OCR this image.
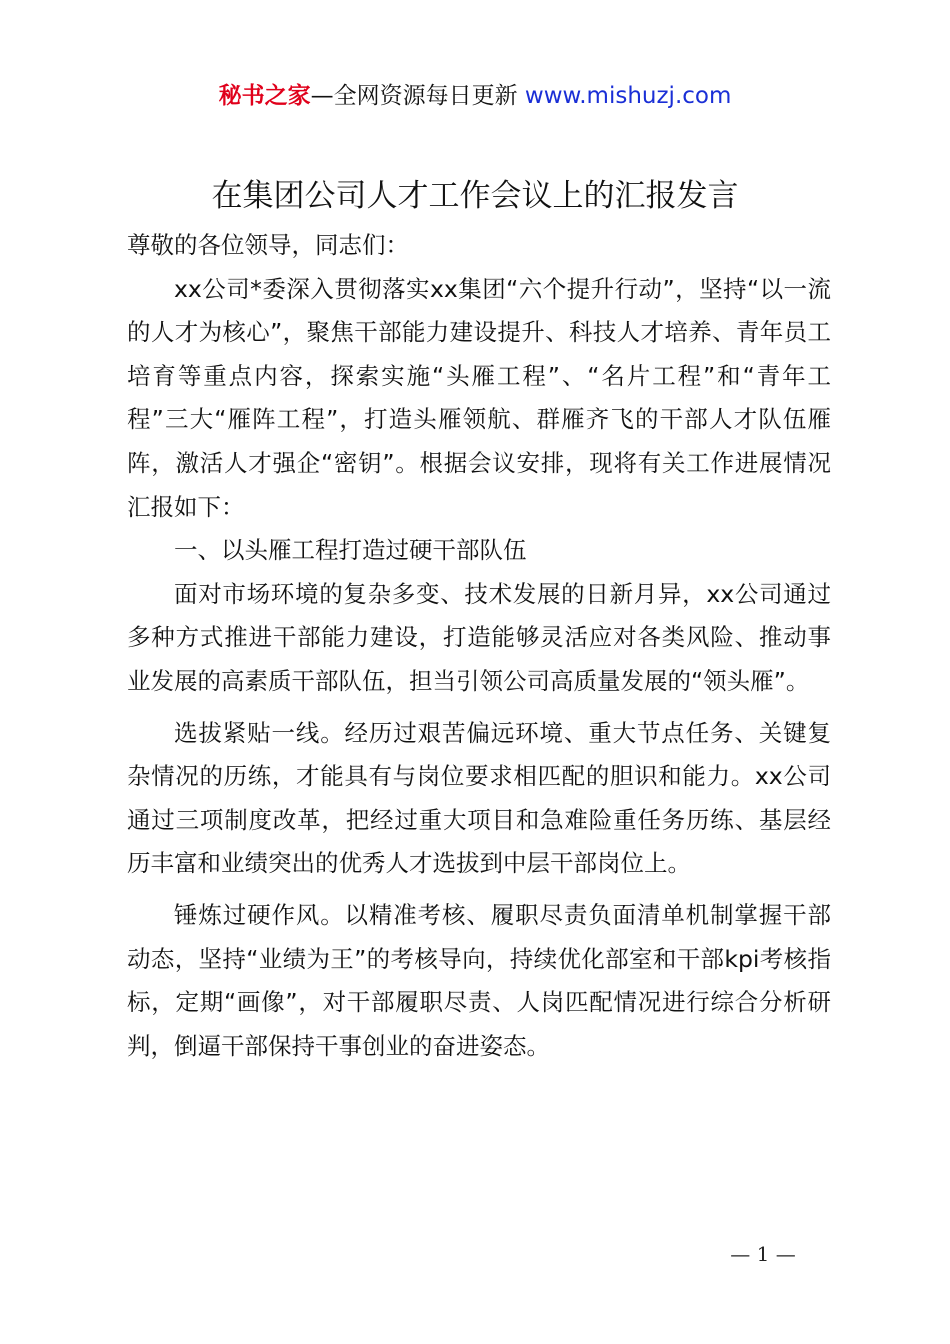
秘书之家—全网资源每日更新 www.mishuzj.com
在集团公司人才工作会议上的汇报发言

尊敬的各位领导，同志们：

xx公司*委深入贯彻落实xx集团“六个提升行动”，坚持“以一流的人才为核心”，聚焦干部能力建设提升、科技人才培养、青年员工培育等重点内容，探索实施“头雁工程”、“名片工程”和“青年工程”三大“雁阵工程”，打造头雁领航、群雁齐飞的干部人才队伍雁阵，激活人才强企“密钥”。根据会议安排，现将有关工作进展情况汇报如下：

一、以头雁工程打造过硬干部队伍

面对市场环境的复杂多变、技术发展的日新月异，xx公司通过多种方式推进干部能力建设，打造能够灵活应对各类风险、推动事业发展的高素质干部队伍，担当引领公司高质量发展的“领头雁”。

选拔紧贴一线。经历过艰苦偏远环境、重大节点任务、关键复杂情况的历练，才能具有与岗位要求相匹配的胆识和能力。xx公司通过三项制度改革，把经过重大项目和急难险重任务历练、基层经历丰富和业绩突出的优秀人才选拔到中层干部岗位上。

锤炼过硬作风。以精准考核、履职尽责负面清单机制掌握干部动态，坚持“业绩为王”的考核导向，持续优化部室和干部kpi考核指标，定期“画像”，对干部履职尽责、人岗匹配情况进行综合分析研判，倒逼干部保持干事创业的奋进姿态。

— 1 —
